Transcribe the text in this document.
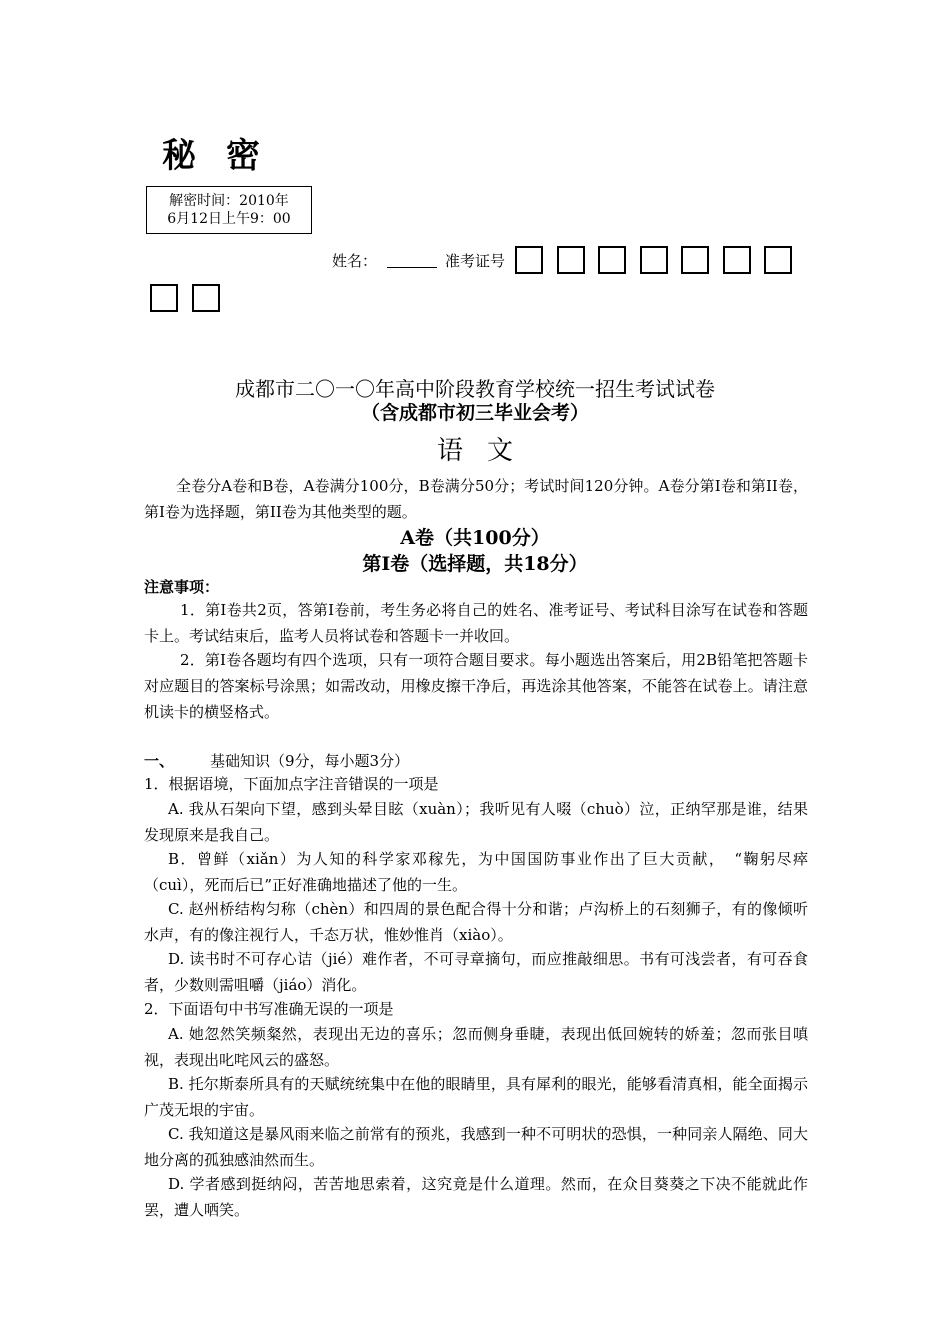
秘密
解密时间：2010年
6月12日上午9：00
姓名：	准考证号
成都市二〇一〇年高中阶段教育学校统一招生考试试卷
（含成都市初三毕业会考）
语文
全卷分A卷和B卷，A卷满分100分，B卷满分50分；考试时间120分钟。A卷分第I卷和第II卷，第I卷为选择题，第II卷为其他类型的题。
A卷（共100分）
第I卷（选择题，共18分）
注意事项：
1．第I卷共2页，答第I卷前，考生务必将自己的姓名、准考证号、考试科目涂写在试卷和答题卡上。考试结束后，监考人员将试卷和答题卡一并收回。
2．第I卷各题均有四个选项，只有一项符合题目要求。每小题选出答案后，用2B铅笔把答题卡对应题目的答案标号涂黑；如需改动，用橡皮擦干净后，再选涂其他答案，不能答在试卷上。请注意机读卡的横竖格式。
一、 基础知识（9分，每小题3分）
1．根据语境，下面加点字注音错误的一项是
A. 我从石架向下望，感到头晕目眩（xuàn）；我听见有人啜（chuò）泣，正纳罕那是谁，结果发现原来是我自己。
B．曾鲜（xiǎn）为人知的科学家邓稼先，为中国国防事业作出了巨大贡献，　“鞠躬尽瘁（cuì），死而后已”正好准确地描述了他的一生。
C. 赵州桥结构匀称（chèn）和四周的景色配合得十分和谐；卢沟桥上的石刻狮子，有的像倾听水声，有的像注视行人，千态万状，惟妙惟肖（xiào）。
D. 读书时不可存心诘（jié）难作者，不可寻章摘句，而应推敲细思。书有可浅尝者，有可吞食者，少数则需咀嚼（jiáo）消化。
2．下面语句中书写准确无误的一项是
A. 她忽然笑频粲然，表现出无边的喜乐；忽而侧身垂睫，表现出低回婉转的娇羞；忽而张目嗔视，表现出叱咤风云的盛怒。
B. 托尔斯泰所具有的天赋统统集中在他的眼睛里，具有犀利的眼光，能够看清真相，能全面揭示广茂无垠的宇宙。
C. 我知道这是暴风雨来临之前常有的预兆，我感到一种不可明状的恐惧，一种同亲人隔绝、同大地分离的孤独感油然而生。
D. 学者感到挺纳闷，苦苦地思索着，这究竟是什么道理。然而，在众目葵葵之下决不能就此作罢，遭人哂笑。
